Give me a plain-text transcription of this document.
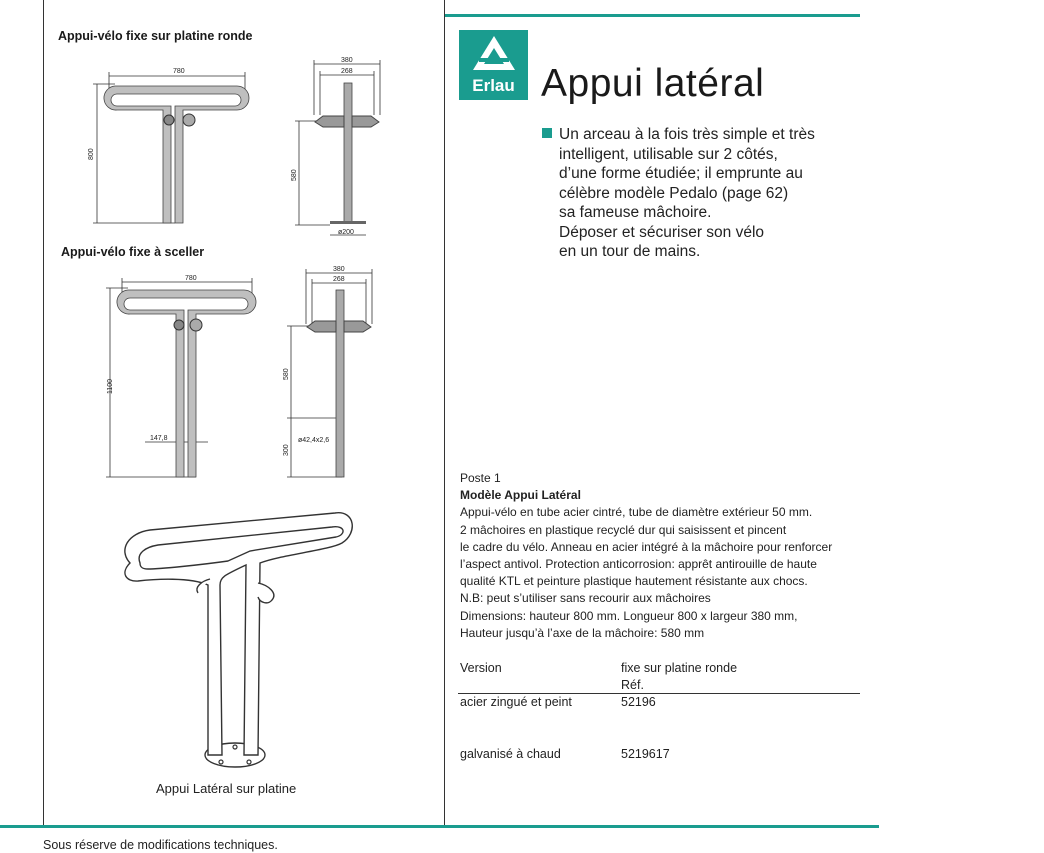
Appui-vélo fixe sur platine ronde
Appui-vélo fixe à sceller
780
800
380
268
580
ø200
780
1100
147,8
380
268
580
300
ø42,4x2,6
Appui Latéral sur platine
Erlau Appui latéral
Un arceau à la fois très simple et très
intelligent, utilisable sur 2 côtés,
d’une forme étudiée; il emprunte au
célèbre modèle Pedalo (page 62)
sa fameuse mâchoire.
Déposer et sécuriser son vélo
en un tour de mains.
Poste 1
Modèle Appui Latéral
Appui-vélo en tube acier cintré, tube de diamètre extérieur 50 mm.
2 mâchoires en plastique recyclé dur qui saisissent et pincent
le cadre du vélo. Anneau en acier intégré à la mâchoire pour renforcer
l’aspect antivol. Protection anticorrosion: apprêt antirouille de haute
qualité KTL et peinture plastique hautement résistante aux chocs.
N.B: peut s’utiliser sans recourir aux mâchoires
Dimensions: hauteur 800 mm. Longueur 800 x largeur 380 mm,
Hauteur jusqu’à l’axe de la mâchoire: 580 mm
Version	fixe sur platine ronde
Réf.
acier zingué et peint	52196
galvanisé à chaud	5219617
Sous réserve de modifications techniques.
